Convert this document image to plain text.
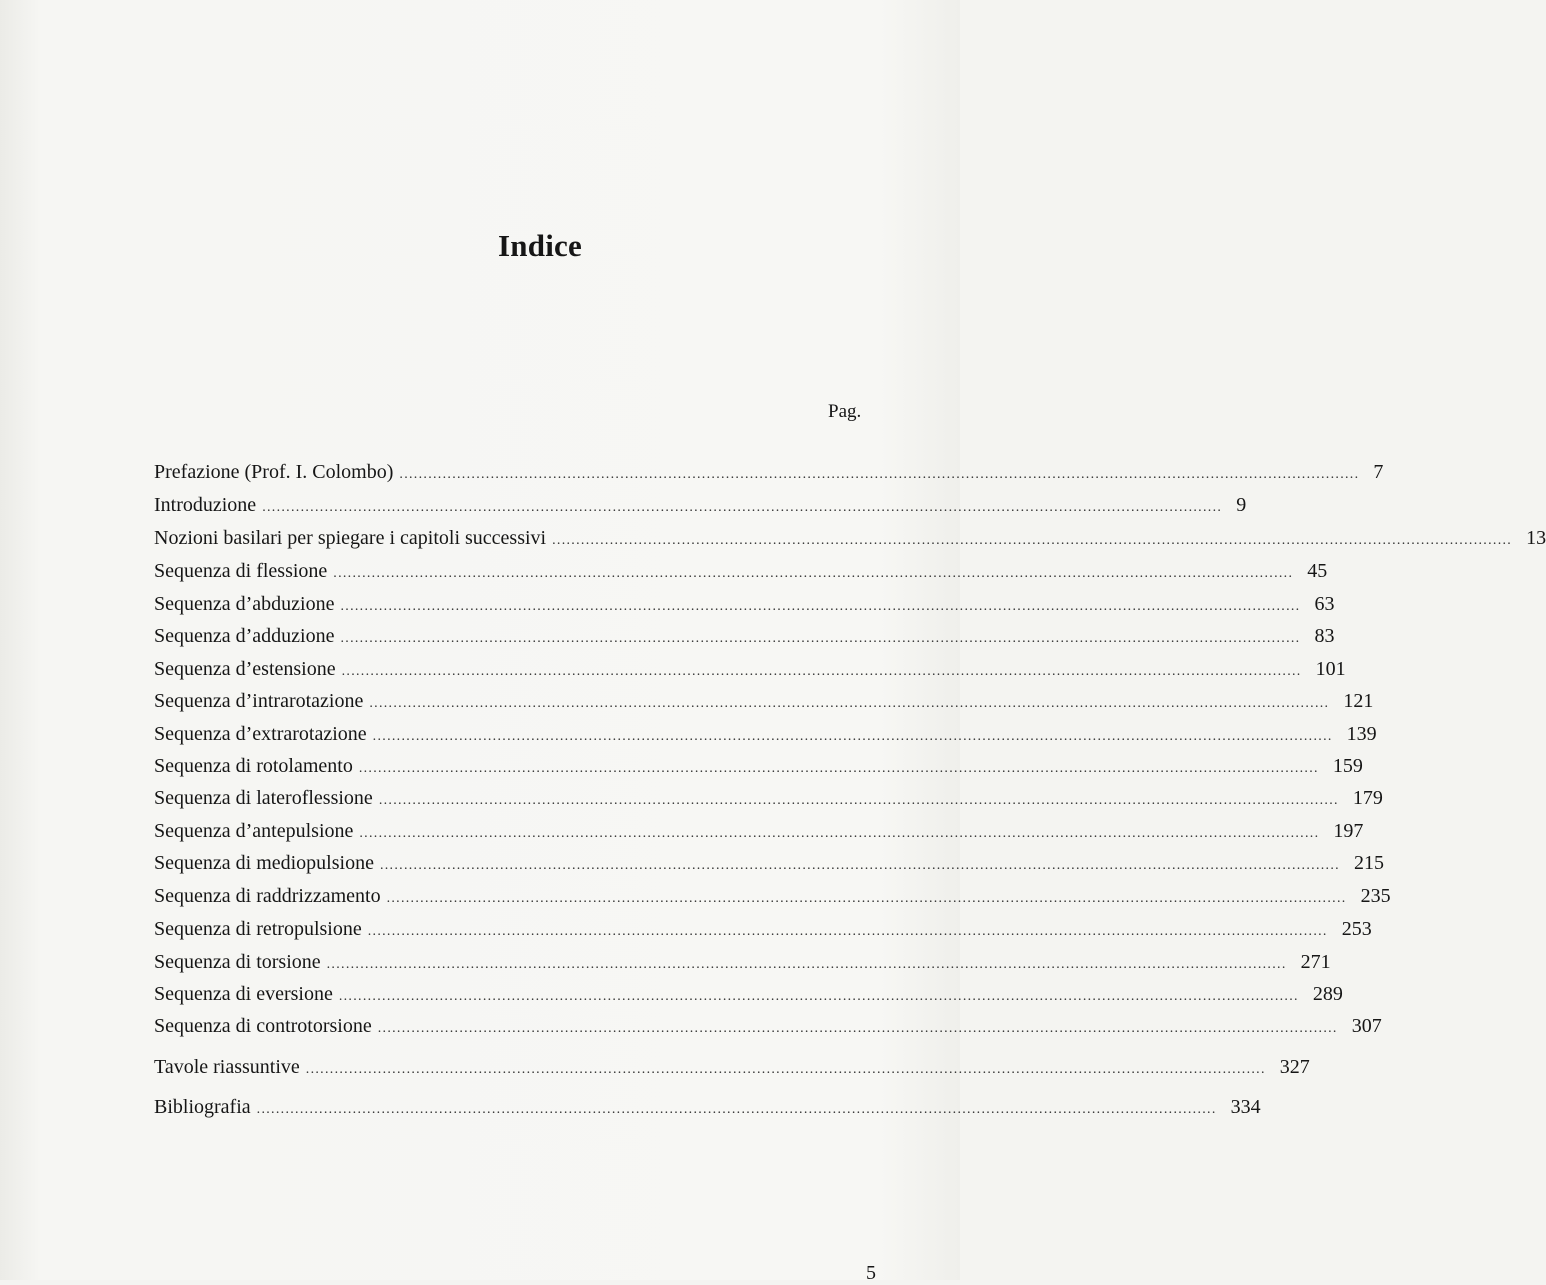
Indice
Pag.
Prefazione (Prof. I. Colombo) ........................................................................................................................................................................................................ 7
Introduzione ........................................................................................................................................................................................................ 9
Nozioni basilari per spiegare i capitoli successivi ........................................................................................................................................................................................................ 13
Sequenza di flessione ........................................................................................................................................................................................................ 45
Sequenza d’abduzione ........................................................................................................................................................................................................ 63
Sequenza d’adduzione ........................................................................................................................................................................................................ 83
Sequenza d’estensione ........................................................................................................................................................................................................ 101
Sequenza d’intrarotazione ........................................................................................................................................................................................................ 121
Sequenza d’extrarotazione ........................................................................................................................................................................................................ 139
Sequenza di rotolamento ........................................................................................................................................................................................................ 159
Sequenza di lateroflessione ........................................................................................................................................................................................................ 179
Sequenza d’antepulsione ........................................................................................................................................................................................................ 197
Sequenza di mediopulsione ........................................................................................................................................................................................................ 215
Sequenza di raddrizzamento ........................................................................................................................................................................................................ 235
Sequenza di retropulsione ........................................................................................................................................................................................................ 253
Sequenza di torsione ........................................................................................................................................................................................................ 271
Sequenza di eversione ........................................................................................................................................................................................................ 289
Sequenza di controtorsione ........................................................................................................................................................................................................ 307
Tavole riassuntive ........................................................................................................................................................................................................ 327
Bibliografia ........................................................................................................................................................................................................ 334
5
